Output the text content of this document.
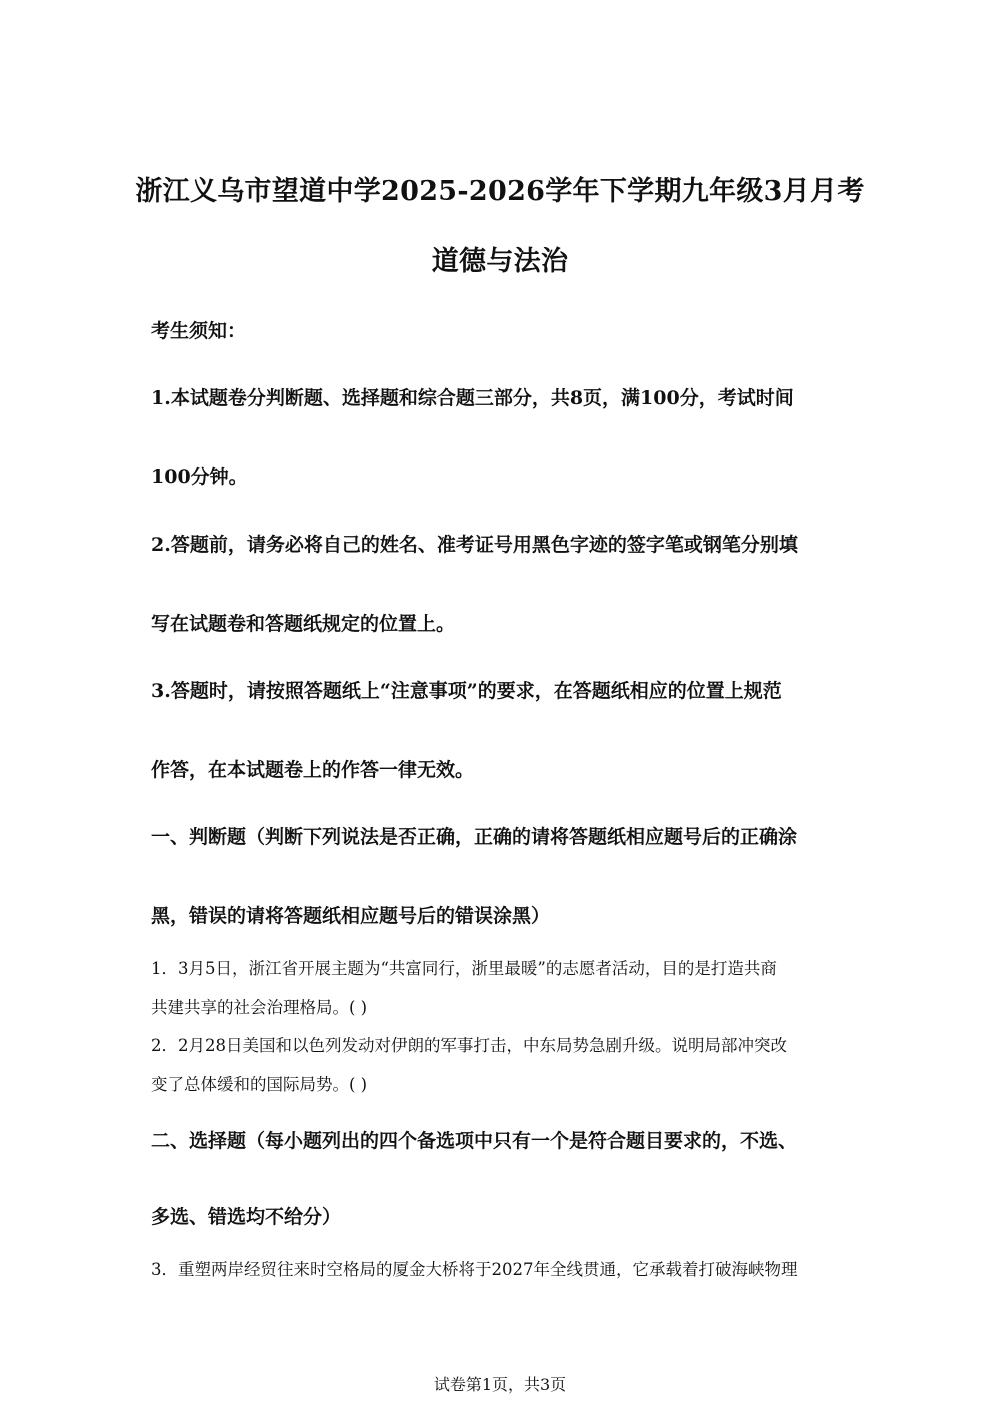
浙江义乌市望道中学2025-2026学年下学期九年级3月月考

道德与法治

考生须知：

1.本试题卷分判断题、选择题和综合题三部分，共8页，满100分，考试时间

100分钟。

2.答题前，请务必将自己的姓名、准考证号用黑色字迹的签字笔或钢笔分别填

写在试题卷和答题纸规定的位置上。

3.答题时，请按照答题纸上“注意事项”的要求，在答题纸相应的位置上规范

作答，在本试题卷上的作答一律无效。

一、判断题（判断下列说法是否正确，正确的请将答题纸相应题号后的正确涂

黑，错误的请将答题纸相应题号后的错误涂黑）

1．3月5日，浙江省开展主题为“共富同行，浙里最暖”的志愿者活动，目的是打造共商

共建共享的社会治理格局。( )

2．2月28日美国和以色列发动对伊朗的军事打击，中东局势急剧升级。说明局部冲突改

变了总体缓和的国际局势。( )

二、选择题（每小题列出的四个备选项中只有一个是符合题目要求的，不选、

多选、错选均不给分）

3．重塑两岸经贸往来时空格局的厦金大桥将于2027年全线贯通，它承载着打破海峡物理

试卷第1页，共3页
